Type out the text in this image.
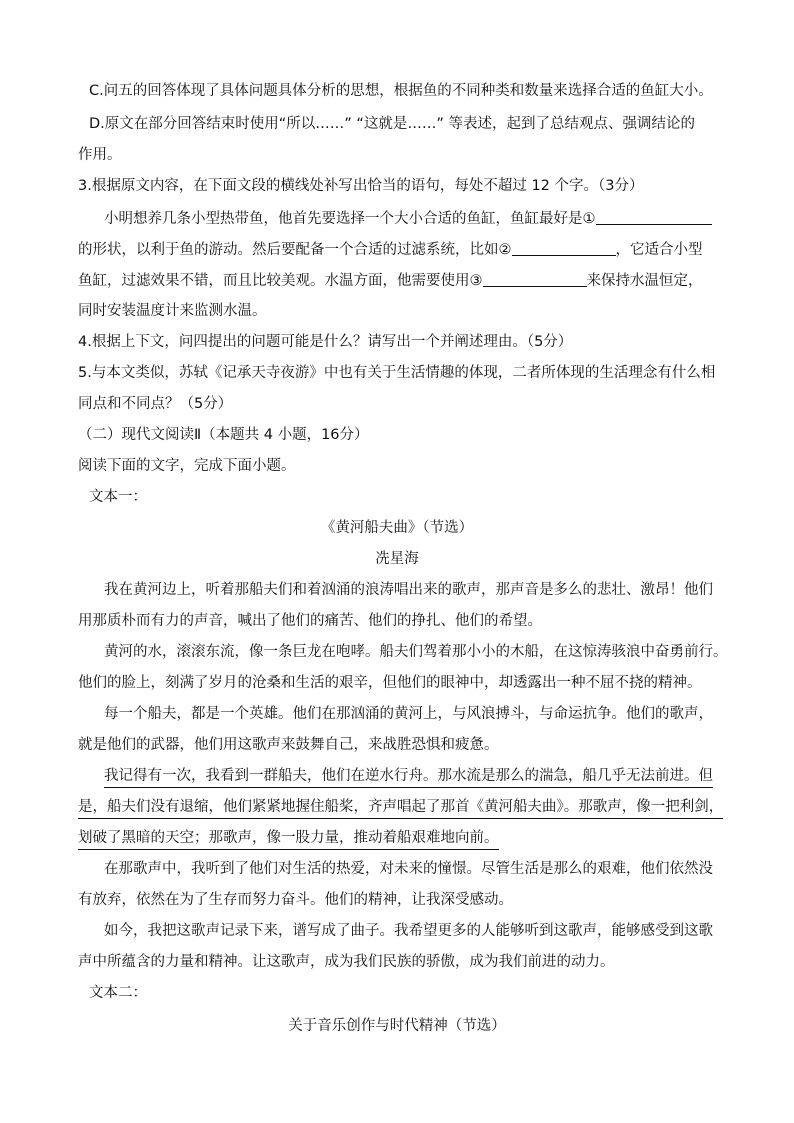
C.问五的回答体现了具体问题具体分析的思想，根据鱼的不同种类和数量来选择合适的鱼缸大小。
D.原文在部分回答结束时使用“所以……” “这就是……” 等表述，起到了总结观点、强调结论的
作用。
3.根据原文内容，在下面文段的横线处补写出恰当的语句，每处不超过 12 个字。（3分）
小明想养几条小型热带鱼，他首先要选择一个大小合适的鱼缸，鱼缸最好是①
的形状，以利于鱼的游动。然后要配备一个合适的过滤系统，比如②	，它适合小型
鱼缸，过滤效果不错，而且比较美观。水温方面，他需要使用③	来保持水温恒定，
同时安装温度计来监测水温。
4.根据上下文，问四提出的问题可能是什么？请写出一个并阐述理由。（5分）
5.与本文类似，苏轼《记承天寺夜游》中也有关于生活情趣的体现，二者所体现的生活理念有什么相
同点和不同点？（5分）
（二）现代文阅读Ⅱ（本题共 4 小题，16分）
阅读下面的文字，完成下面小题。
文本一：
《黄河船夫曲》（节选）
冼星海
我在黄河边上，听着那船夫们和着汹涌的浪涛唱出来的歌声，那声音是多么的悲壮、激昂！他们
用那质朴而有力的声音，喊出了他们的痛苦、他们的挣扎、他们的希望。
黄河的水，滚滚东流，像一条巨龙在咆哮。船夫们驾着那小小的木船，在这惊涛骇浪中奋勇前行。
他们的脸上，刻满了岁月的沧桑和生活的艰辛，但他们的眼神中，却透露出一种不屈不挠的精神。
每一个船夫，都是一个英雄。他们在那汹涌的黄河上，与风浪搏斗，与命运抗争。他们的歌声，
就是他们的武器，他们用这歌声来鼓舞自己，来战胜恐惧和疲惫。
我记得有一次，我看到一群船夫，他们在逆水行舟。那水流是那么的湍急，船几乎无法前进。但
是，船夫们没有退缩，他们紧紧地握住船桨，齐声唱起了那首《黄河船夫曲》。那歌声，像一把利剑，
划破了黑暗的天空；那歌声，像一股力量，推动着船艰难地向前。
在那歌声中，我听到了他们对生活的热爱，对未来的憧憬。尽管生活是那么的艰难，他们依然没
有放弃，依然在为了生存而努力奋斗。他们的精神，让我深受感动。
如今，我把这歌声记录下来，谱写成了曲子。我希望更多的人能够听到这歌声，能够感受到这歌
声中所蕴含的力量和精神。让这歌声，成为我们民族的骄傲，成为我们前进的动力。
文本二：
关于音乐创作与时代精神（节选）
